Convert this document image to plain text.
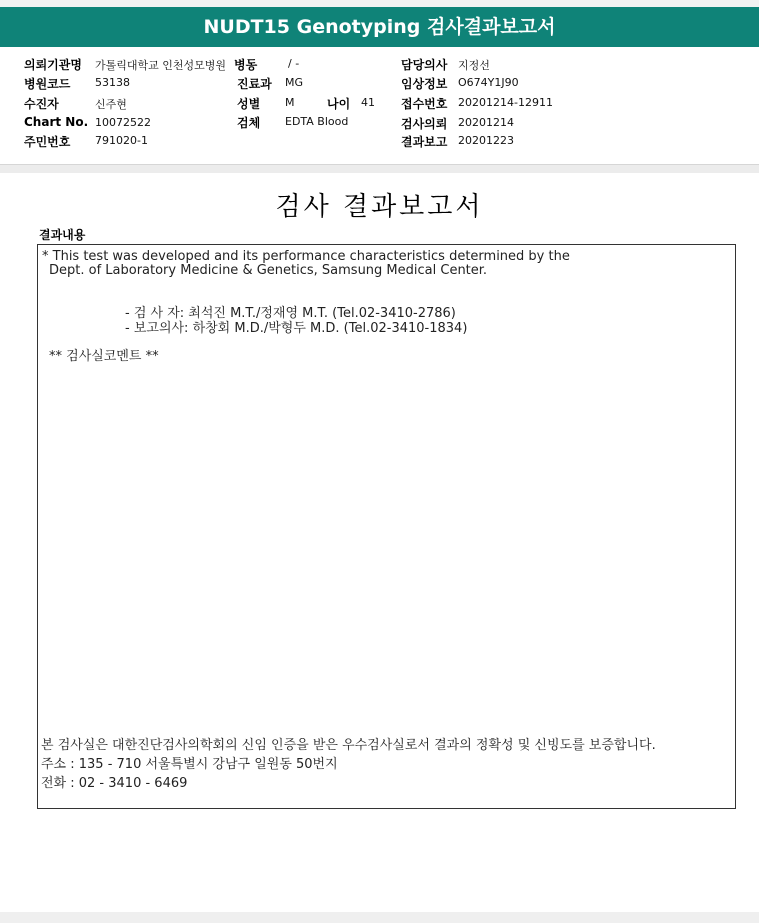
NUDT15 Genotyping 검사결과보고서
의뢰기관명 가톨릭대학교 인천성모병원 병동	/ -	담당의사 지정선
병원코드 53138	진료과 MG	임상정보 O674Y1J90
수진자	신주현	성별 M	나이 41 접수번호 20201214-12911
Chart No. 10072522	검체 EDTA Blood	검사의뢰 20201214
주민번호 791020-1	결과보고 20201223
검사 결과보고서
결과내용
* This test was developed and its performance characteristics determined by the
Dept. of Laboratory Medicine & Genetics, Samsung Medical Center.
- 검 사 자: 최석진 M.T./정재영 M.T. (Tel.02-3410-2786)
- 보고의사: 하창회 M.D./박형두 M.D. (Tel.02-3410-1834)
** 검사실코멘트 **
본 검사실은 대한진단검사의학회의 신임 인증을 받은 우수검사실로서 결과의 정확성 및 신빙도를 보증합니다.
주소 : 135 - 710 서울특별시 강남구 일원동 50번지
전화 : 02 - 3410 - 6469
